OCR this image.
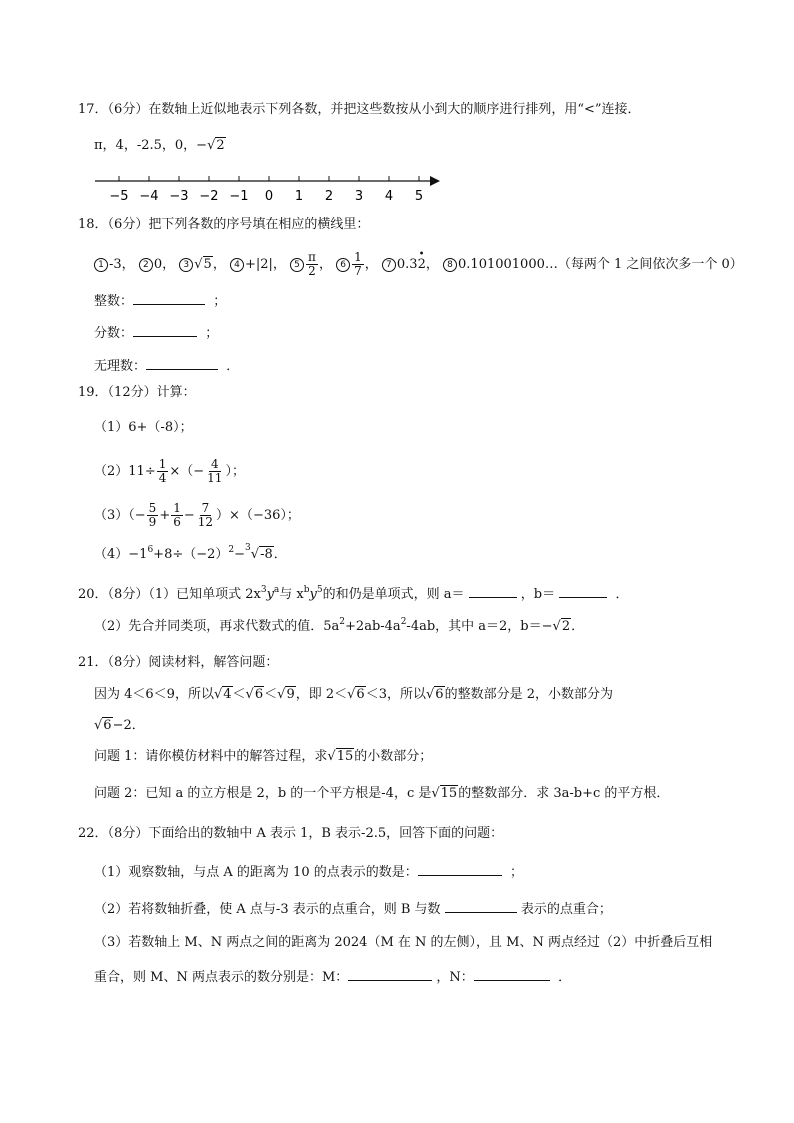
17．（6分）在数轴上近似地表示下列各数，并把这些数按从小到大的顺序进行排列，用“<”连接．
π，4，-2.5，0，−√2
−5 −4 −3 −2 −1 0 1 2 3 4 5
18．（6分）把下列各数的序号填在相应的横线里：
1 -3， 2 0， 3 √5， 4 +|2|， $5 \frac{\pi}{2}$ ， $6 \frac{1}{7}$ ， 7 0.3
•
2， 8 0.101001000…（每两个 1 之间依次多一个 0）
整数：	；
分数：	；
无理数：	．
19．（12分）计算：
（1）6+（-8）；
$(2)11\div \frac{1}{4}$ ×（− $\frac{4}{11}$ ）；
$(3)(- \frac{5}{9} + \frac{1}{6} - \frac{7}{12} )\times(-36)$；
$(4)-1^6+8\div(-2)^2-^3√-8$．
20．（8分）（1）已知单项式 $2x^3y^a$与 $x^by^5$的和仍是单项式，则 a＝	，b＝	．
（2）先合并同类项，再求代数式的值．$5a^2+2ab-4a^2-4ab$，其中 a＝2，b＝−√2．
21．（8分）阅读材料，解答问题：
因为 4＜6＜9，所以√4＜√6＜√9，即 2＜√6＜3，所以√6的整数部分是 2，小数部分为
√6−2．
问题 1：请你模仿材料中的解答过程，求√15的小数部分；
问题 2：已知 a 的立方根是 2，b 的一个平方根是-4，c 是√15的整数部分．求 3a-b+c 的平方根．
22．（8分）下面给出的数轴中 A 表示 1，B 表示-2.5，回答下面的问题：
（1）观察数轴，与点 A 的距离为 10 的点表示的数是：	；
（2）若将数轴折叠，使 A 点与-3 表示的点重合，则 B 与数	表示的点重合；
（3）若数轴上 M、N 两点之间的距离为 2024（M 在 N 的左侧），且 M、N 两点经过（2）中折叠后互相
重合，则 M、N 两点表示的数分别是：M：	，N：	．
